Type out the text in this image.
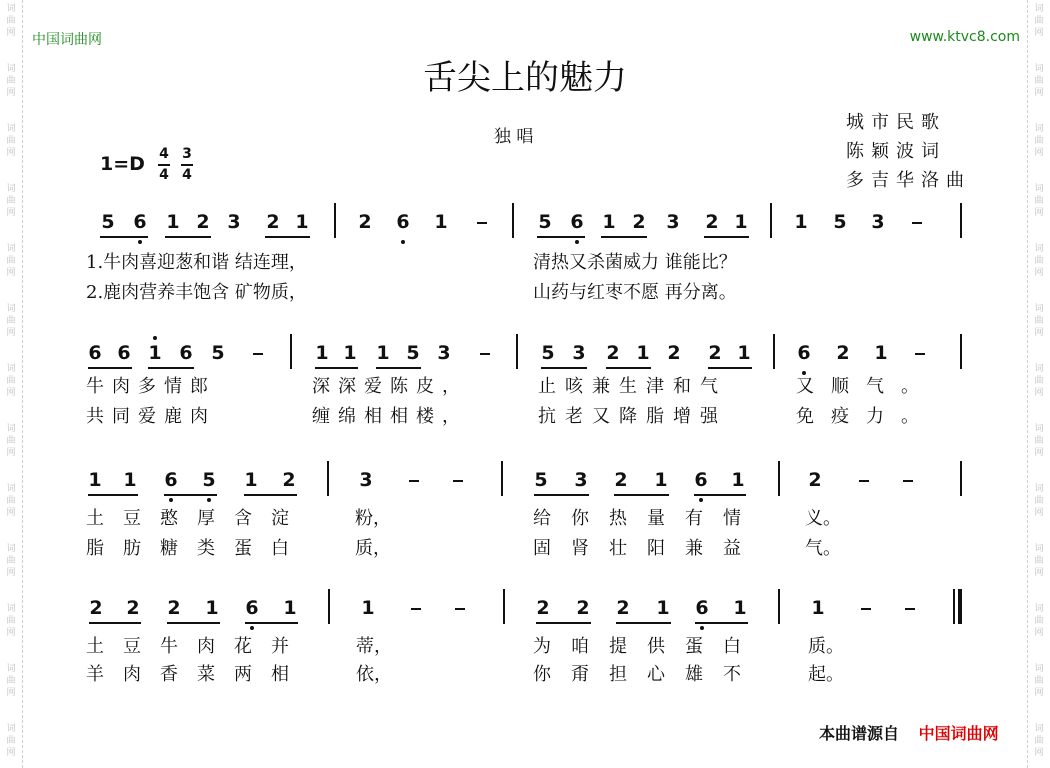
词
曲
网
词
曲
网
词
曲
网
词
曲
网
词
曲
网
词
曲
网
词
曲
网
词
曲
网
词
曲
网
词
曲
网
词
曲
网
词
曲
网
词
曲
网
词
曲
网
词
曲
网
词
曲
网
词
曲
网
词
曲
网
词
曲
网
词
曲
网
词
曲
网
词
曲
网
词
曲
网
词
曲
网
词
曲
网
词
曲
网
中国词曲网	www.ktvc8.com
舌尖上的魅力
独 唱
1=D 4
4
3
4
城市民歌
陈颖波词
多吉华洛曲
5 6 1 2 3 2 1	2 6 1	5 6 1 2 3 2 1 1 5 3
1.牛肉喜迎葱和谐 结连理，	清热又杀菌威力 谁能比？
2.鹿肉营养丰饱含 矿物质，	山药与红枣不愿 再分离。
6 6 1 6 5	1 1 1 5 3	5 3 2 1 2 2 1 6 2 1
牛肉多情郎	深深爱陈皮，	止咳兼生津和气	又顺气。
共同爱鹿肉	缠绵相相楼，	抗老又降脂增强	免疫力。
1 1 6 5 1 2	3	5 3 2 1 6 1	2
土豆憨厚含淀	粉，	给你热量有情 义。
脂肪糖类蛋白	质，	固肾壮阳兼益 气。
2 2 2 1 6 1	1	2 2 2 1 6 1	1
土豆牛肉花并	蒂，	为咱提供蛋白	质。
羊肉香菜两相	依，	你甭担心雄不	起。
本曲谱源自 中国词曲网
